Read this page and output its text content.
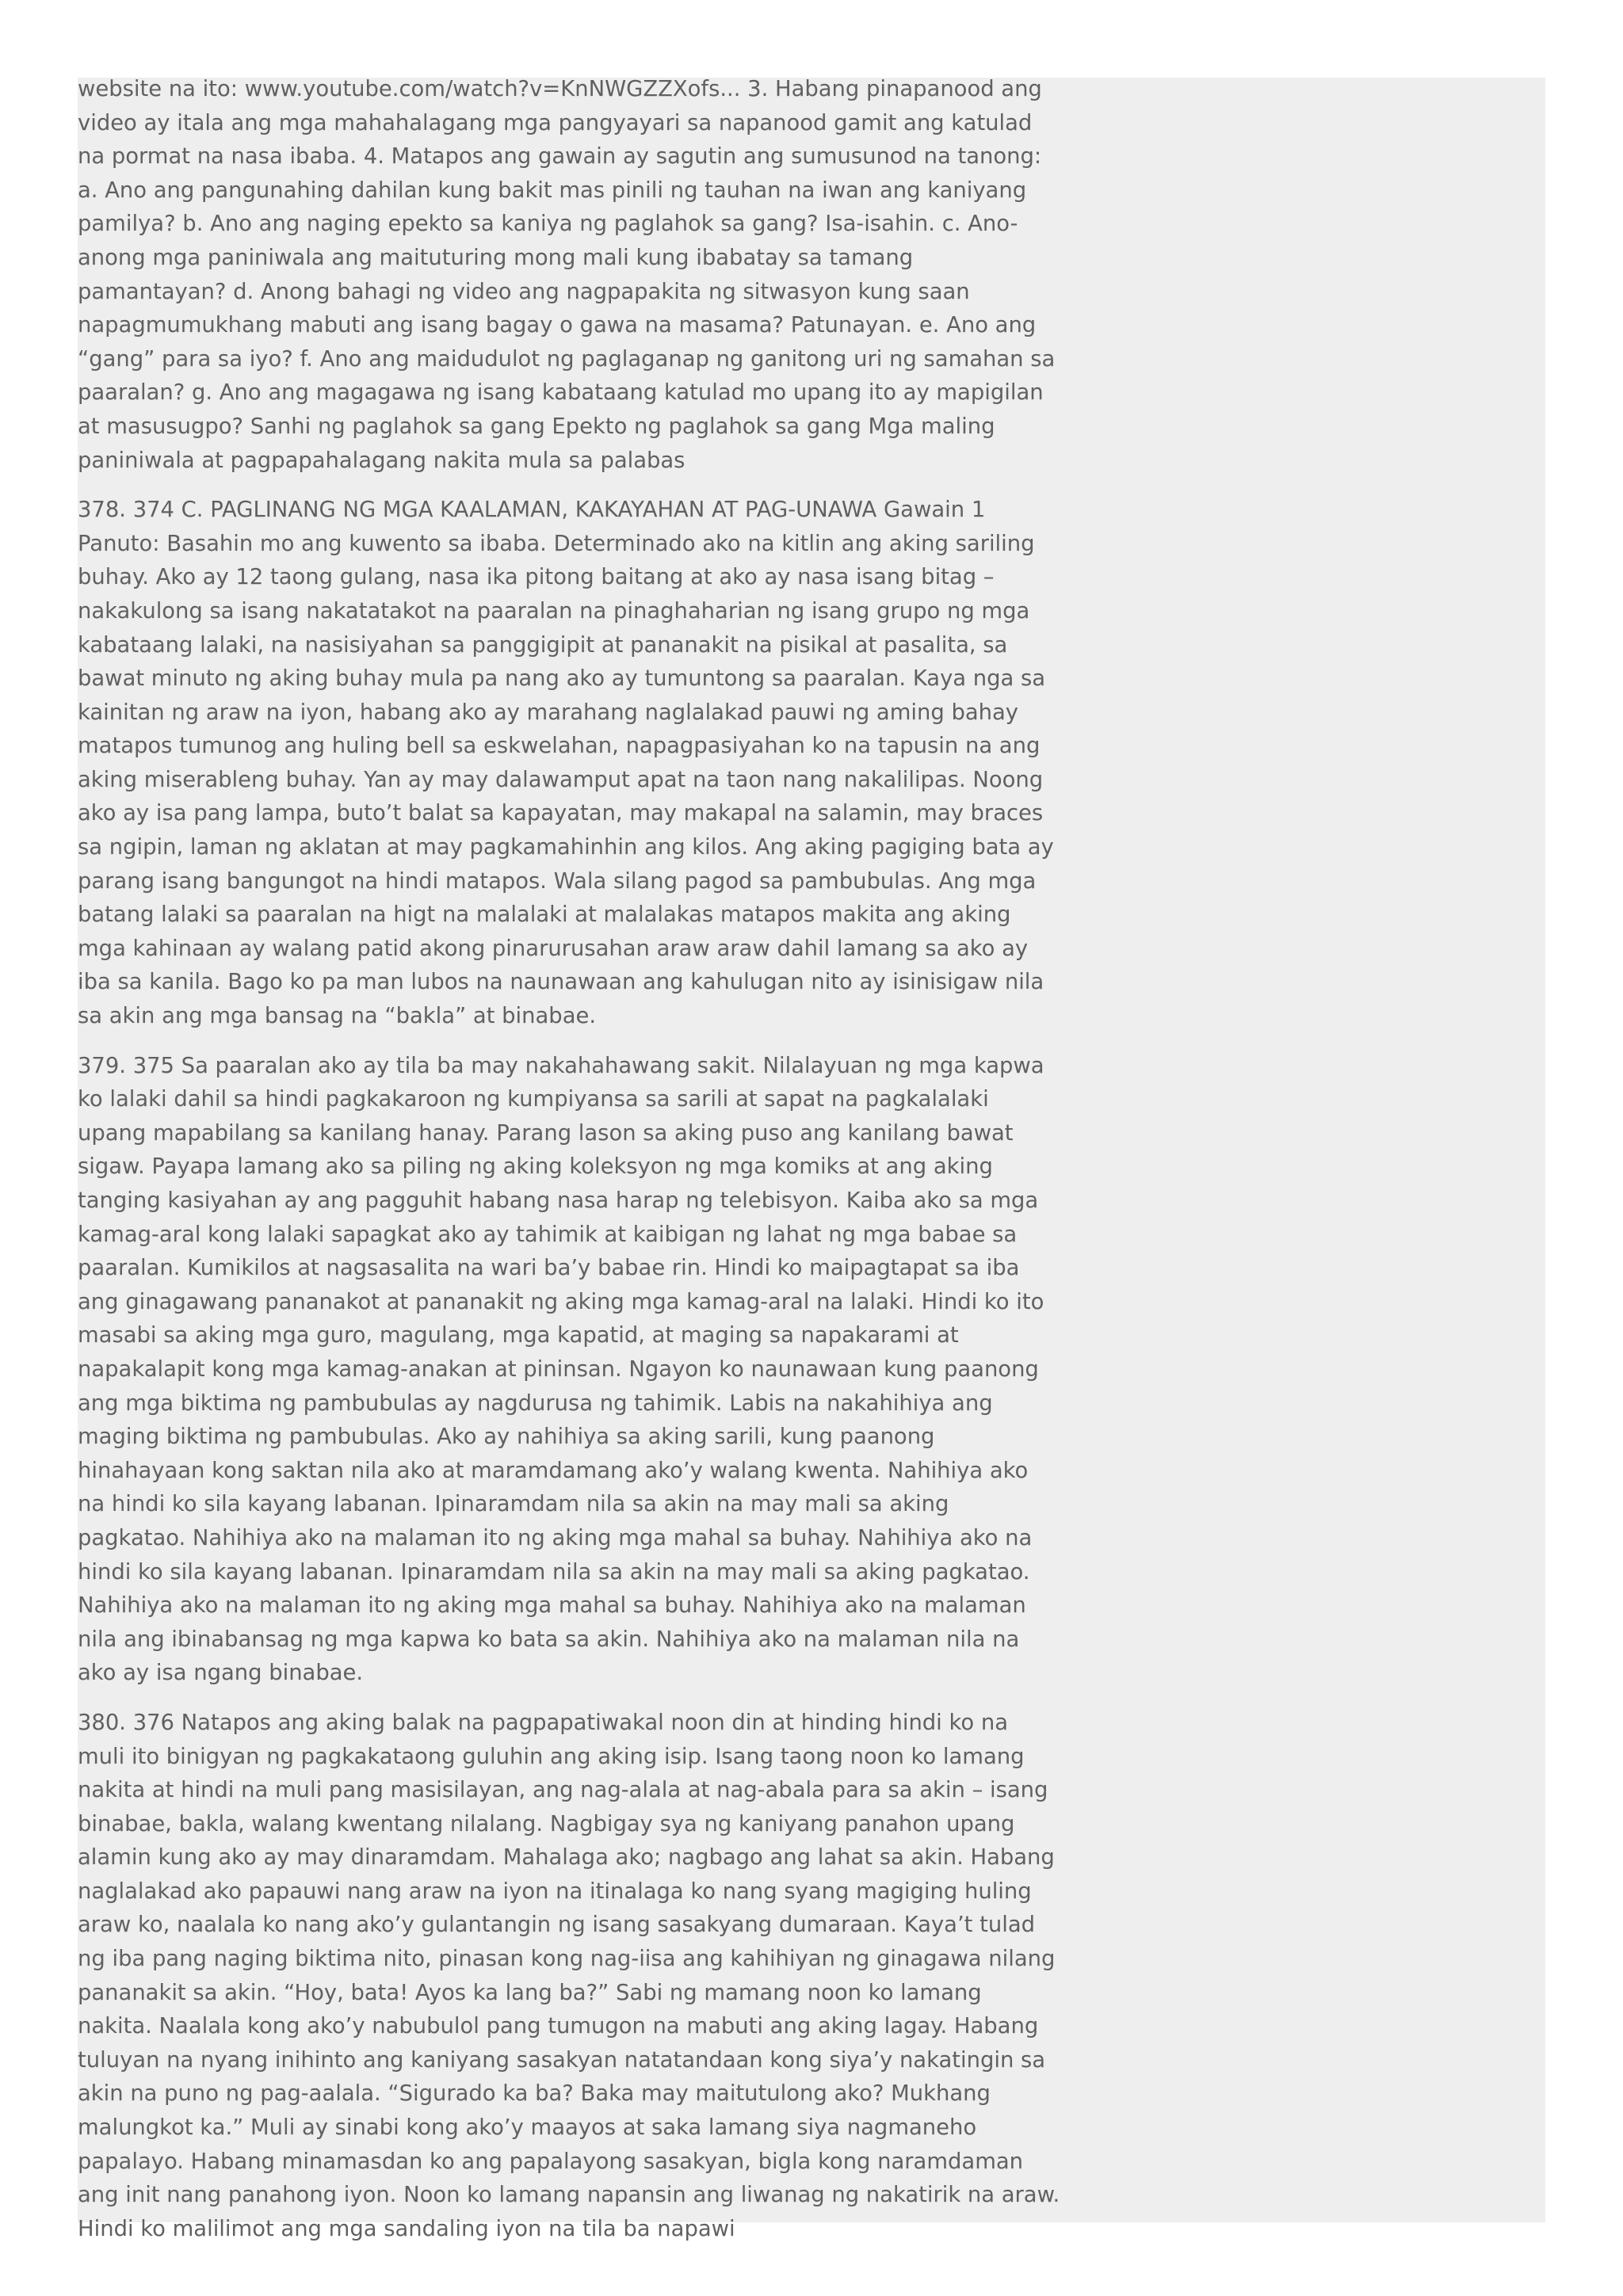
website na ito: www.youtube.com/watch?v=KnNWGZZXofs... 3. Habang pinapanood ang video ay itala ang mga mahahalagang mga pangyayari sa napanood gamit ang katulad na pormat na nasa ibaba. 4. Matapos ang gawain ay sagutin ang sumusunod na tanong: a. Ano ang pangunahing dahilan kung bakit mas pinili ng tauhan na iwan ang kaniyang pamilya? b. Ano ang naging epekto sa kaniya ng paglahok sa gang? Isa-isahin. c. Ano-anong mga paniniwala ang maituturing mong mali kung ibabatay sa tamang pamantayan? d. Anong bahagi ng video ang nagpapakita ng sitwasyon kung saan napagmumukhang mabuti ang isang bagay o gawa na masama? Patunayan. e. Ano ang “gang” para sa iyo? f. Ano ang maidudulot ng paglaganap ng ganitong uri ng samahan sa paaralan? g. Ano ang magagawa ng isang kabataang katulad mo upang ito ay mapigilan at masusugpo? Sanhi ng paglahok sa gang Epekto ng paglahok sa gang Mga maling paniniwala at pagpapahalagang nakita mula sa palabas

378. 374 C. PAGLINANG NG MGA KAALAMAN, KAKAYAHAN AT PAG-UNAWA Gawain 1 Panuto: Basahin mo ang kuwento sa ibaba. Determinado ako na kitlin ang aking sariling buhay. Ako ay 12 taong gulang, nasa ika pitong baitang at ako ay nasa isang bitag – nakakulong sa isang nakatatakot na paaralan na pinaghaharian ng isang grupo ng mga kabataang lalaki, na nasisiyahan sa panggigipit at pananakit na pisikal at pasalita, sa bawat minuto ng aking buhay mula pa nang ako ay tumuntong sa paaralan. Kaya nga sa kainitan ng araw na iyon, habang ako ay marahang naglalakad pauwi ng aming bahay matapos tumunog ang huling bell sa eskwelahan, napagpasiyahan ko na tapusin na ang aking miserableng buhay. Yan ay may dalawamput apat na taon nang nakalilipas. Noong ako ay isa pang lampa, buto’t balat sa kapayatan, may makapal na salamin, may braces sa ngipin, laman ng aklatan at may pagkamahinhin ang kilos. Ang aking pagiging bata ay parang isang bangungot na hindi matapos. Wala silang pagod sa pambubulas. Ang mga batang lalaki sa paaralan na higt na malalaki at malalakas matapos makita ang aking mga kahinaan ay walang patid akong pinarurusahan araw araw dahil lamang sa ako ay iba sa kanila. Bago ko pa man lubos na naunawaan ang kahulugan nito ay isinisigaw nila sa akin ang mga bansag na “bakla” at binabae.

379. 375 Sa paaralan ako ay tila ba may nakahahawang sakit. Nilalayuan ng mga kapwa ko lalaki dahil sa hindi pagkakaroon ng kumpiyansa sa sarili at sapat na pagkalalaki upang mapabilang sa kanilang hanay. Parang lason sa aking puso ang kanilang bawat sigaw. Payapa lamang ako sa piling ng aking koleksyon ng mga komiks at ang aking tanging kasiyahan ay ang pagguhit habang nasa harap ng telebisyon. Kaiba ako sa mga kamag-aral kong lalaki sapagkat ako ay tahimik at kaibigan ng lahat ng mga babae sa paaralan. Kumikilos at nagsasalita na wari ba’y babae rin. Hindi ko maipagtapat sa iba ang ginagawang pananakot at pananakit ng aking mga kamag-aral na lalaki. Hindi ko ito masabi sa aking mga guro, magulang, mga kapatid, at maging sa napakarami at napakalapit kong mga kamag-anakan at pininsan. Ngayon ko naunawaan kung paanong ang mga biktima ng pambubulas ay nagdurusa ng tahimik. Labis na nakahihiya ang maging biktima ng pambubulas. Ako ay nahihiya sa aking sarili, kung paanong hinahayaan kong saktan nila ako at maramdamang ako’y walang kwenta. Nahihiya ako na hindi ko sila kayang labanan. Ipinaramdam nila sa akin na may mali sa aking pagkatao. Nahihiya ako na malaman ito ng aking mga mahal sa buhay. Nahihiya ako na hindi ko sila kayang labanan. Ipinaramdam nila sa akin na may mali sa aking pagkatao. Nahihiya ako na malaman ito ng aking mga mahal sa buhay. Nahihiya ako na malaman nila ang ibinabansag ng mga kapwa ko bata sa akin. Nahihiya ako na malaman nila na ako ay isa ngang binabae.

380. 376 Natapos ang aking balak na pagpapatiwakal noon din at hinding hindi ko na muli ito binigyan ng pagkakataong guluhin ang aking isip. Isang taong noon ko lamang nakita at hindi na muli pang masisilayan, ang nag-alala at nag-abala para sa akin – isang binabae, bakla, walang kwentang nilalang. Nagbigay sya ng kaniyang panahon upang alamin kung ako ay may dinaramdam. Mahalaga ako; nagbago ang lahat sa akin. Habang naglalakad ako papauwi nang araw na iyon na itinalaga ko nang syang magiging huling araw ko, naalala ko nang ako’y gulantangin ng isang sasakyang dumaraan. Kaya’t tulad ng iba pang naging biktima nito, pinasan kong nag-iisa ang kahihiyan ng ginagawa nilang pananakit sa akin. “Hoy, bata! Ayos ka lang ba?” Sabi ng mamang noon ko lamang nakita. Naalala kong ako’y nabubulol pang tumugon na mabuti ang aking lagay. Habang tuluyan na nyang inihinto ang kaniyang sasakyan natatandaan kong siya’y nakatingin sa akin na puno ng pag-aalala. “Sigurado ka ba? Baka may maitutulong ako? Mukhang malungkot ka.” Muli ay sinabi kong ako’y maayos at saka lamang siya nagmaneho papalayo. Habang minamasdan ko ang papalayong sasakyan, bigla kong naramdaman ang init nang panahong iyon. Noon ko lamang napansin ang liwanag ng nakatirik na araw. Hindi ko malilimot ang mga sandaling iyon na tila ba napawi
